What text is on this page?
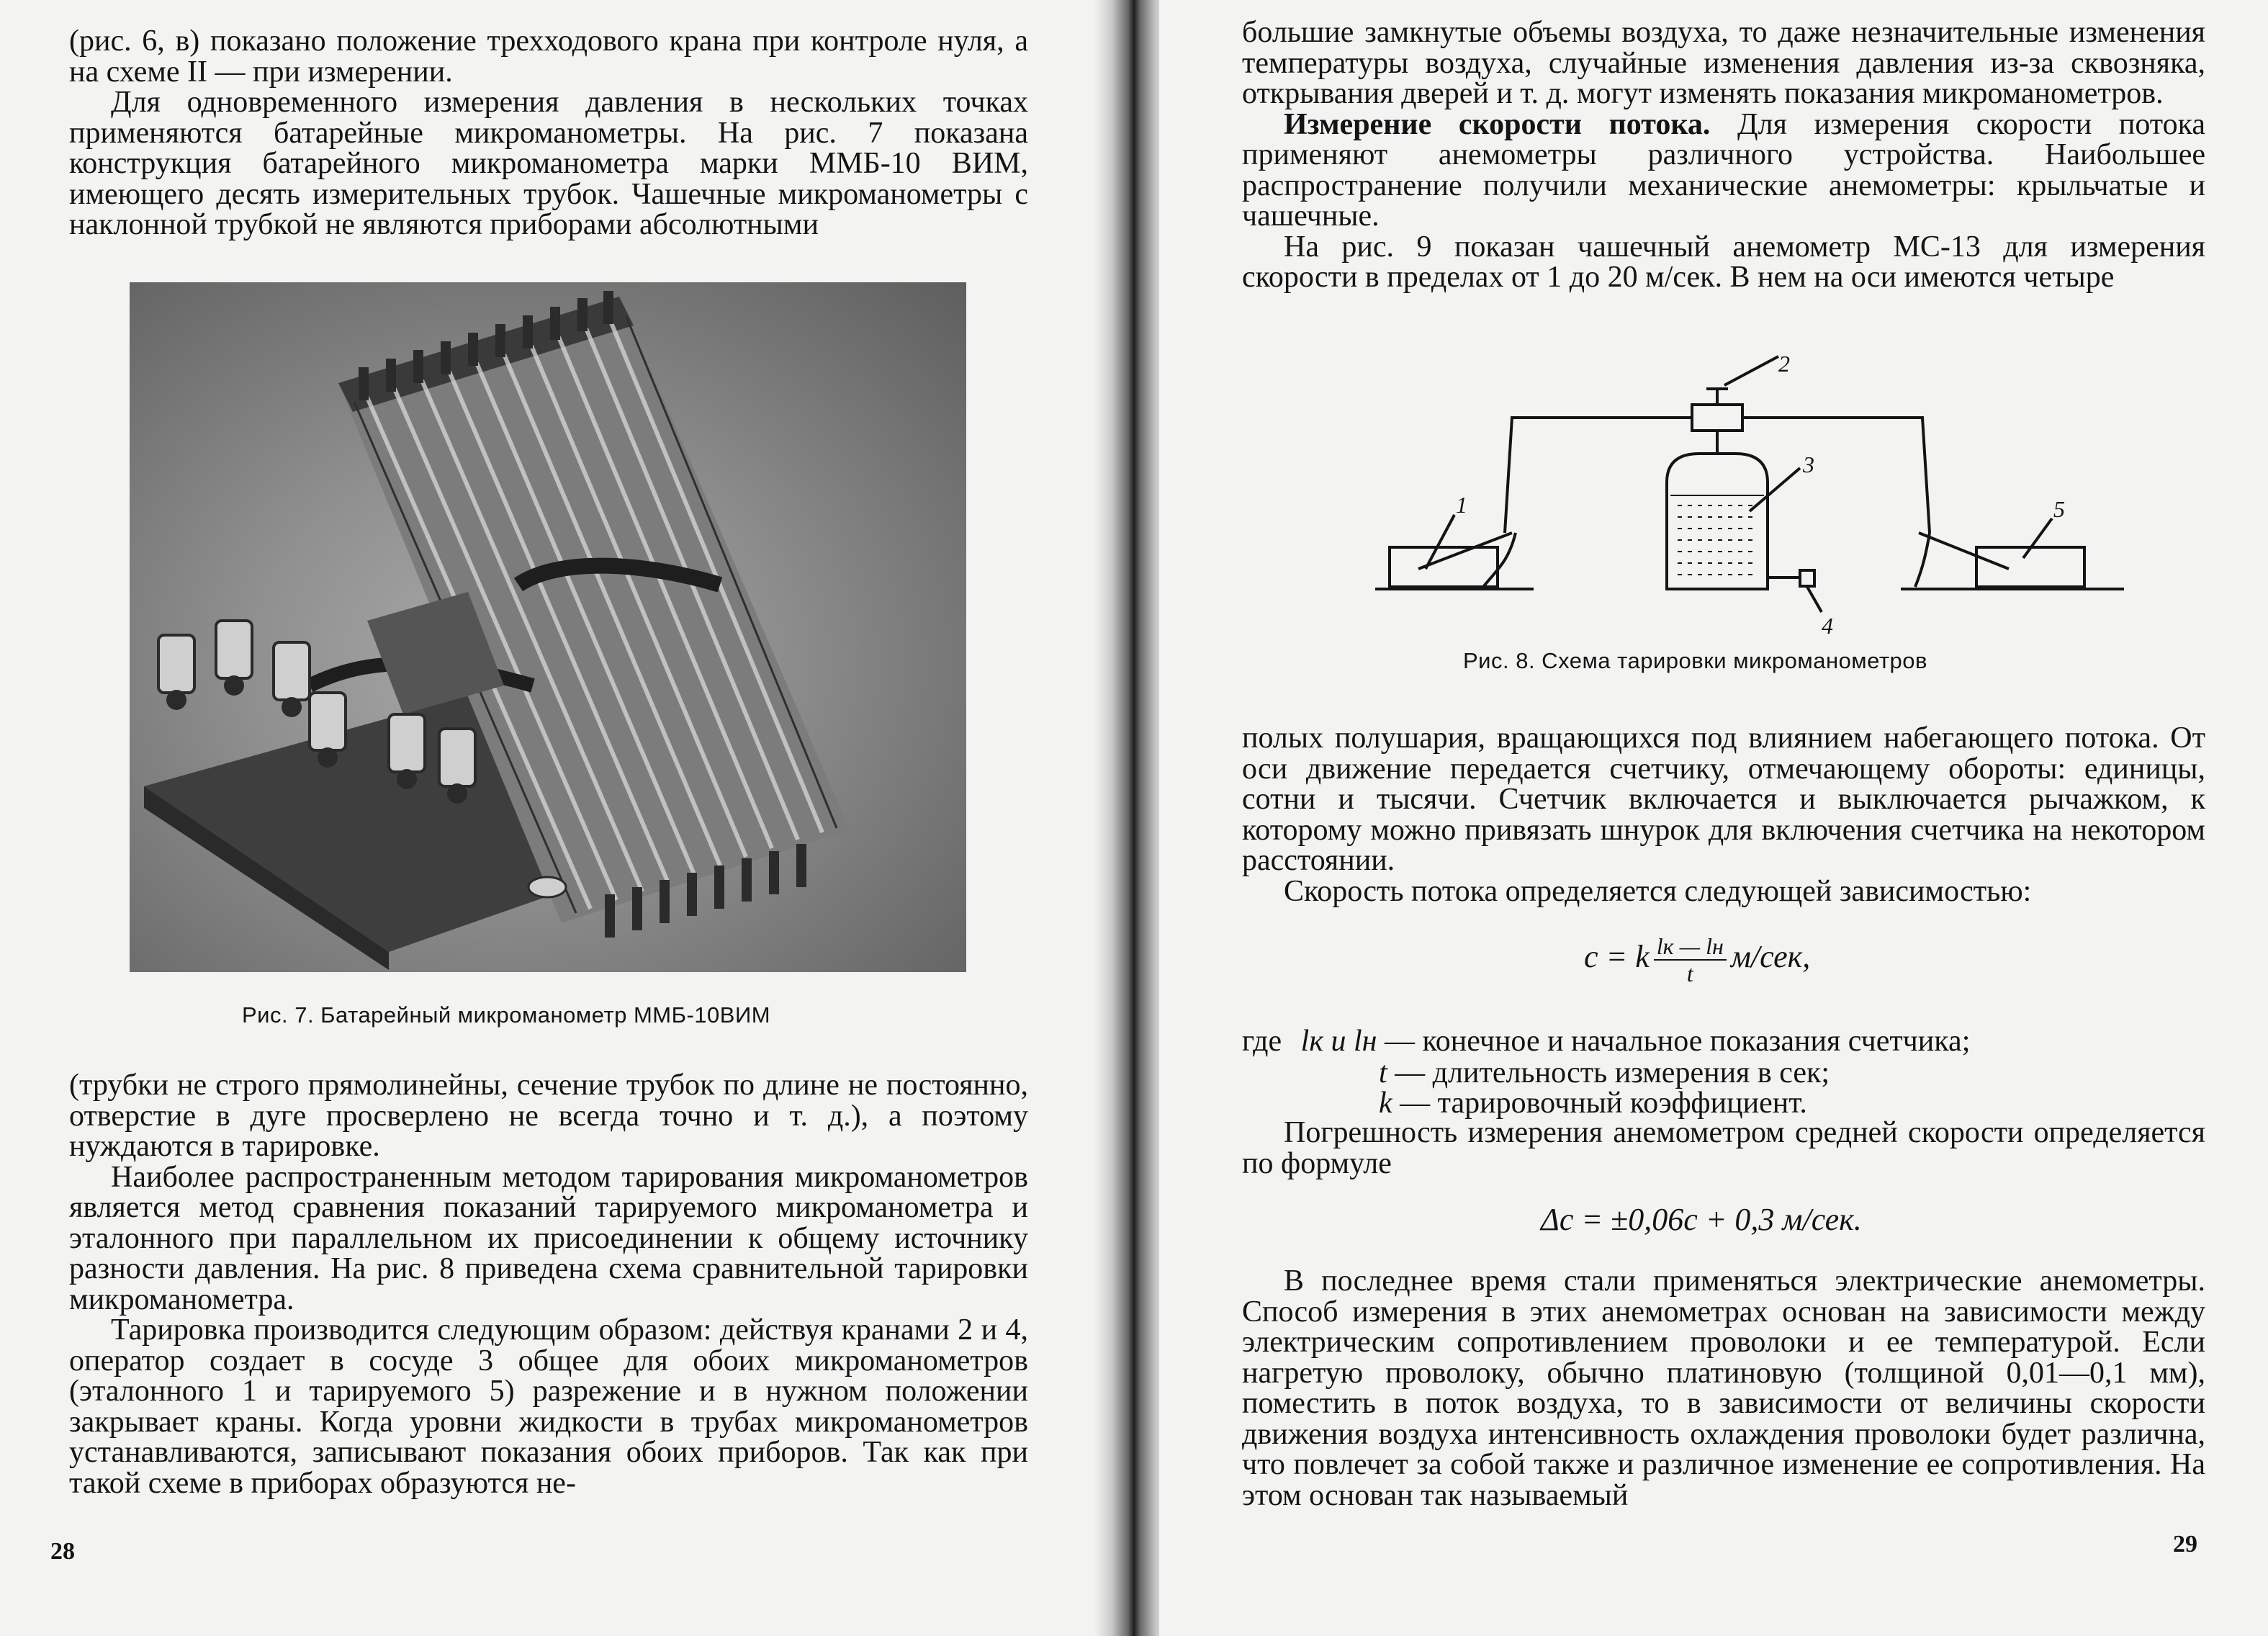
(рис. 6, в) показано положение трехходового крана при контроле нуля, а на схеме II — при измерении.

Для одновременного измерения давления в нескольких точках применяются батарейные микроманометры. На рис. 7 показана конструкция батарейного микроманометра марки ММБ-10 ВИМ, имеющего десять измерительных трубок. Чашечные микроманометры с наклонной трубкой не являются приборами абсолютными

Рис. 7. Батарейный микроманометр ММБ-10ВИМ

(трубки не строго прямолинейны, сечение трубок по длине не постоянно, отверстие в дуге просверлено не всегда точно и т. д.), а поэтому нуждаются в тарировке.

Наиболее распространенным методом тарирования микроманометров является метод сравнения показаний тарируемого микроманометра и эталонного при параллельном их присоединении к общему источнику разности давления. На рис. 8 приведена схема сравнительной тарировки микроманометра.

Тарировка производится следующим образом: действуя кранами 2 и 4, оператор создает в сосуде 3 общее для обоих микроманометров (эталонного 1 и тарируемого 5) разрежение и в нужном положении закрывает краны. Когда уровни жидкости в трубах микроманометров устанавливаются, записывают показания обоих приборов. Так как при такой схеме в приборах образуются не-

28

большие замкнутые объемы воздуха, то даже незначительные изменения температуры воздуха, случайные изменения давления из-за сквозняка, открывания дверей и т. д. могут изменять показания микроманометров.

Измерение скорости потока. Для измерения скорости потока применяют анемометры различного устройства. Наибольшее распространение получили механические анемометры: крыльчатые и чашечные.

На рис. 9 показан чашечный анемометр МС-13 для измерения скорости в пределах от 1 до 20 м/сек. В нем на оси имеются четыре

1
2
3
4
5
Рис. 8. Схема тарировки микроманометров

полых полушария, вращающихся под влиянием набегающего потока. От оси движение передается счетчику, отмечающему обороты: единицы, сотни и тысячи. Счетчик включается и выключается рычажком, к которому можно привязать шнурок для включения счетчика на некотором расстоянии.

Скорость потока определяется следующей зависимостью:

c = k $\frac{lк — lн}{t} м/сек$,
где lк и lн — конечное и начальное показания счетчика;
t — длительность измерения в сек;
k — тарировочный коэффициент.

Погрешность измерения анемометром средней скорости определяется по формуле

Δc = ±0,06c + 0,3 м/сек.

В последнее время стали применяться электрические анемометры. Способ измерения в этих анемометрах основан на зависимости между электрическим сопротивлением проволоки и ее температурой. Если нагретую проволоку, обычно платиновую (толщиной 0,01—0,1 мм), поместить в поток воздуха, то в зависимости от величины скорости движения воздуха интенсивность охлаждения проволоки будет различна, что повлечет за собой также и различное изменение ее сопротивления. На этом основан так называемый

29
